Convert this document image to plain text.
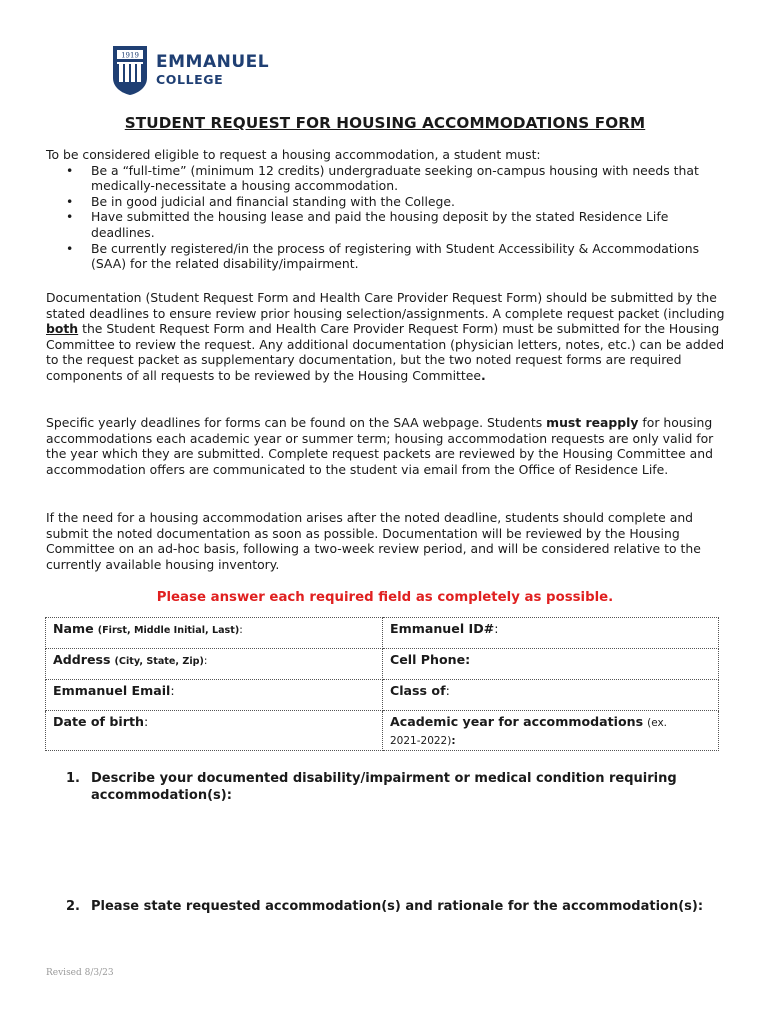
1919 EMMANUEL
COLLEGE
STUDENT REQUEST FOR HOUSING ACCOMMODATIONS FORM
To be considered eligible to request a housing accommodation, a student must:
• Be a “full-time” (minimum 12 credits) undergraduate seeking on-campus housing with needs that medically-necessitate a housing accommodation.
• Be in good judicial and financial standing with the College.
• Have submitted the housing lease and paid the housing deposit by the stated Residence Life deadlines.
• Be currently registered/in the process of registering with Student Accessibility & Accommodations (SAA) for the related disability/impairment.
Documentation (Student Request Form and Health Care Provider Request Form) should be submitted by the stated deadlines to ensure review prior housing selection/assignments. A complete request packet (including both the Student Request Form and Health Care Provider Request Form) must be submitted for the Housing Committee to review the request. Any additional documentation (physician letters, notes, etc.) can be added to the request packet as supplementary documentation, but the two noted request forms are required components of all requests to be reviewed by the Housing Committee.
Specific yearly deadlines for forms can be found on the SAA webpage. Students must reapply for housing accommodations each academic year or summer term; housing accommodation requests are only valid for the year which they are submitted. Complete request packets are reviewed by the Housing Committee and accommodation offers are communicated to the student via email from the Office of Residence Life.
If the need for a housing accommodation arises after the noted deadline, students should complete and submit the noted documentation as soon as possible. Documentation will be reviewed by the Housing Committee on an ad-hoc basis, following a two-week review period, and will be considered relative to the currently available housing inventory.
Please answer each required field as completely as possible.
Name (First, Middle Initial, Last):	Emmanuel ID#:
Address (City, State, Zip):	Cell Phone:
Emmanuel Email:	Class of:
Date of birth:	Academic year for accommodations (ex.
2021-2022):
1. Describe your documented disability/impairment or medical condition requiring accommodation(s):
2. Please state requested accommodation(s) and rationale for the accommodation(s):
Revised 8/3/23
